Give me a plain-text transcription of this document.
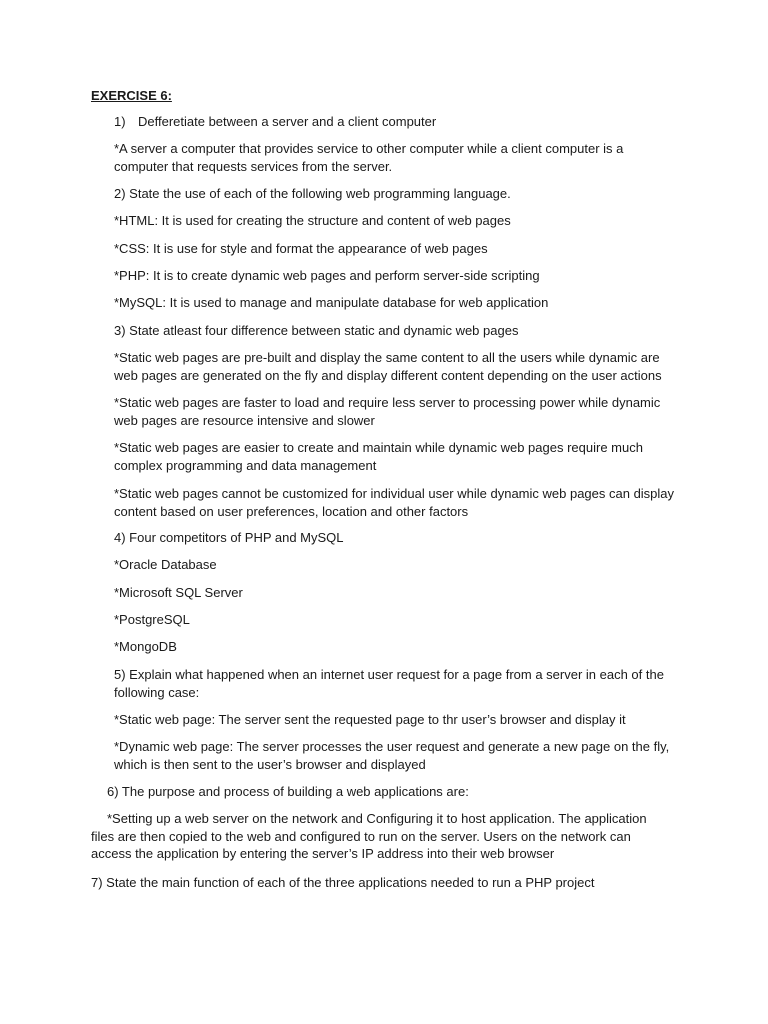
EXERCISE 6:

1) Defferetiate between a server and a client computer

*A server a computer that provides service to other computer while a client computer is a computer that requests services from the server.

2) State the use of each of the following web programming language.

*HTML: It is used for creating the structure and content of web pages

*CSS: It is use for style and format the appearance of web pages

*PHP: It is to create dynamic web pages and perform server-side scripting

*MySQL: It is used to manage and manipulate database for web application

3) State atleast four difference between static and dynamic web pages

*Static web pages are pre-built and display the same content to all the users while dynamic are web pages are generated on the fly and display different content depending on the user actions

*Static web pages are faster to load and require less server to processing power while dynamic web pages are resource intensive and slower

*Static web pages are easier to create and maintain while dynamic web pages require much complex programming and data management

*Static web pages cannot be customized for individual user while dynamic web pages can display content based on user preferences, location and other factors

4) Four competitors of PHP and MySQL

*Oracle Database

*Microsoft SQL Server

*PostgreSQL

*MongoDB

5) Explain what happened when an internet user request for a page from a server in each of the following case:

*Static web page: The server sent the requested page to thr user’s browser and display it

*Dynamic web page: The server processes the user request and generate a new page on the fly, which is then sent to the user’s browser and displayed

6) The purpose and process of building a web applications are:

*Setting up a web server on the network and Configuring it to host application. The application files are then copied to the web and configured to run on the server. Users on the network can access the application by entering the server’s IP address into their web browser

7) State the main function of each of the three applications needed to run a PHP project
